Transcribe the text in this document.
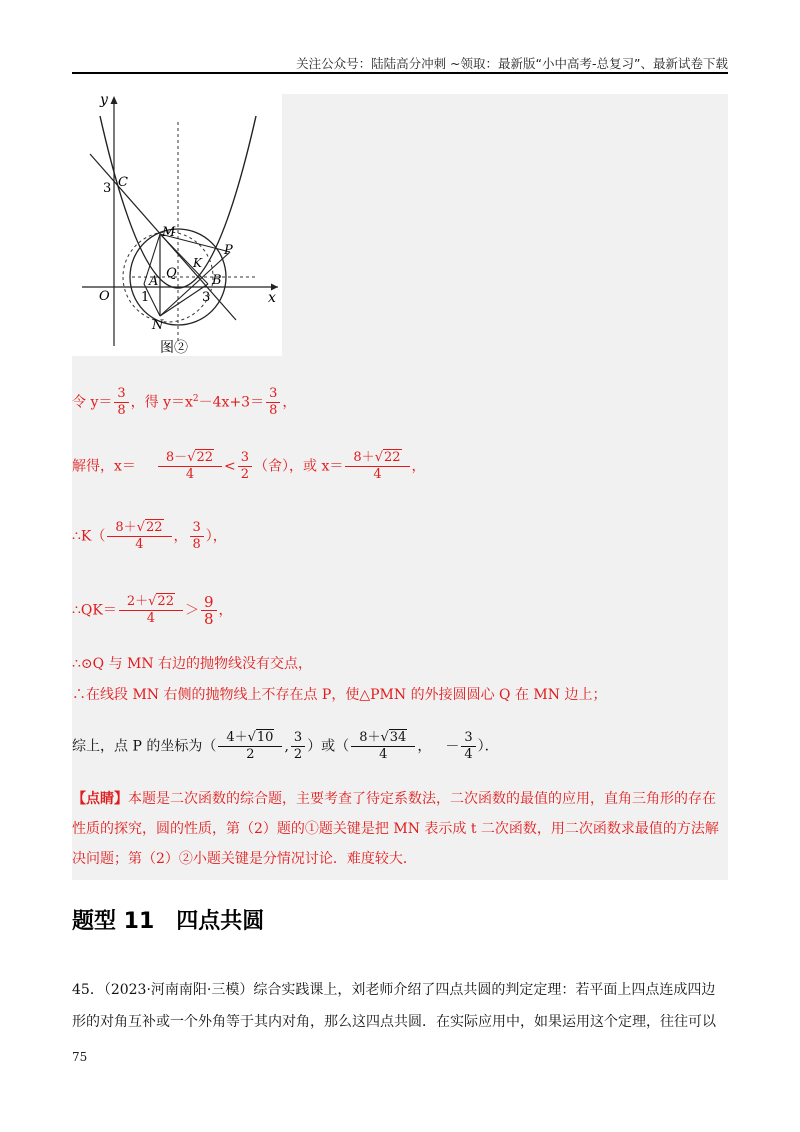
关注公众号：陆陆高分冲刺 ~领取：最新版“小中高考-总复习”、最新试卷下载
y
x
3 C
M
P
K
Q
A	B
O 1	3
N
图②
令 $y= \frac{3}{8}$ ，得 $y=x^2-4x+3= \frac{3}{8}$ ，
解得，$x= \frac{8-√22}{4} < \frac{3}{2}$ （舍），或 $x= \frac{8+√22}{4}$ ，
∴K（ $\frac{8+√22}{4}$ ， $\frac{3}{8}$ ），
∴QK＝ $\frac{2+√22}{4} > \frac{9}{8}$ ，
∴⊙Q 与 MN 右边的抛物线没有交点，
∴在线段 MN 右侧的抛物线上不存在点 P，使△PMN 的外接圆圆心 Q 在 MN 边上；
综上，点 P 的坐标为（ $\frac{4+√10}{2}$ , $\frac{3}{2}$ ）或（ $\frac{8+√34}{4}$ ， － $\frac{3}{4}$ ）．
【点睛】本题是二次函数的综合题，主要考查了待定系数法，二次函数的最值的应用，直角三角形的存在性质的探究，圆的性质，第（2）题的①题关键是把 MN 表示成 t 二次函数，用二次函数求最值的方法解决问题；第（2）②小题关键是分情况讨论．难度较大．
题型 11　四点共圆
45．（2023·河南南阳·三模）综合实践课上，刘老师介绍了四点共圆的判定定理：若平面上四点连成四边形的对角互补或一个外角等于其内对角，那么这四点共圆．在实际应用中，如果运用这个定理，往往可以
75
